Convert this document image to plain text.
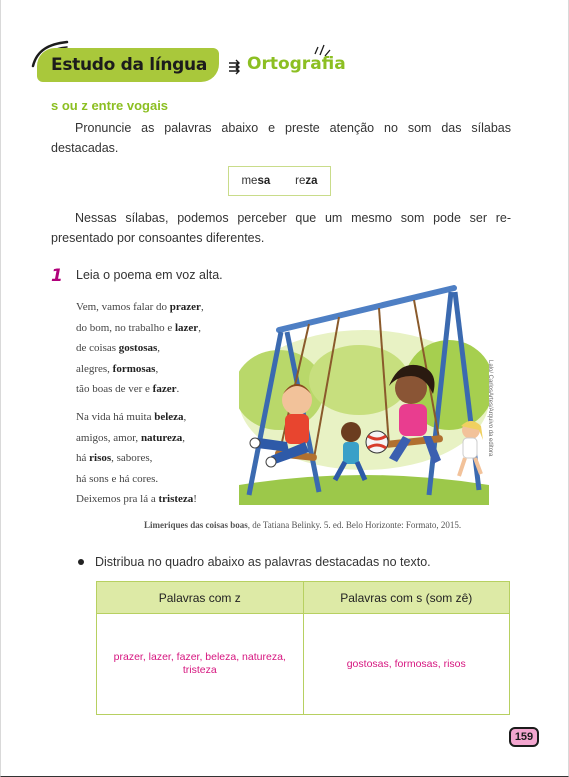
Estudo da língua Ortografia
s ou z entre vogais

Pronuncie as palavras abaixo e preste atenção no som das sílabas destacadas.

mesa reza

Nessas sílabas, podemos perceber que um mesmo som pode ser re-presentado por consoantes diferentes.

1 Leia o poema em voz alta.
Vem, vamos falar do prazer,
do bom, no trabalho e lazer,
de coisas gostosas,
alegres, formosas,
tão boas de ver e fazer.
Na vida há muita beleza,
amigos, amor, natureza,
há risos, sabores,
há sons e há cores.
Deixemos pra lá a tristeza!
Lalo/ CarlosArtes/Arquivo da editora
Limeriques das coisas boas, de Tatiana Belinky. 5. ed. Belo Horizonte: Formato, 2015.
Distribua no quadro abaixo as palavras destacadas no texto.
Palavras com z	Palavras com s (som zê)
prazer, lazer, fazer, beleza, natureza, tristeza	gostosas, formosas, risos
159
